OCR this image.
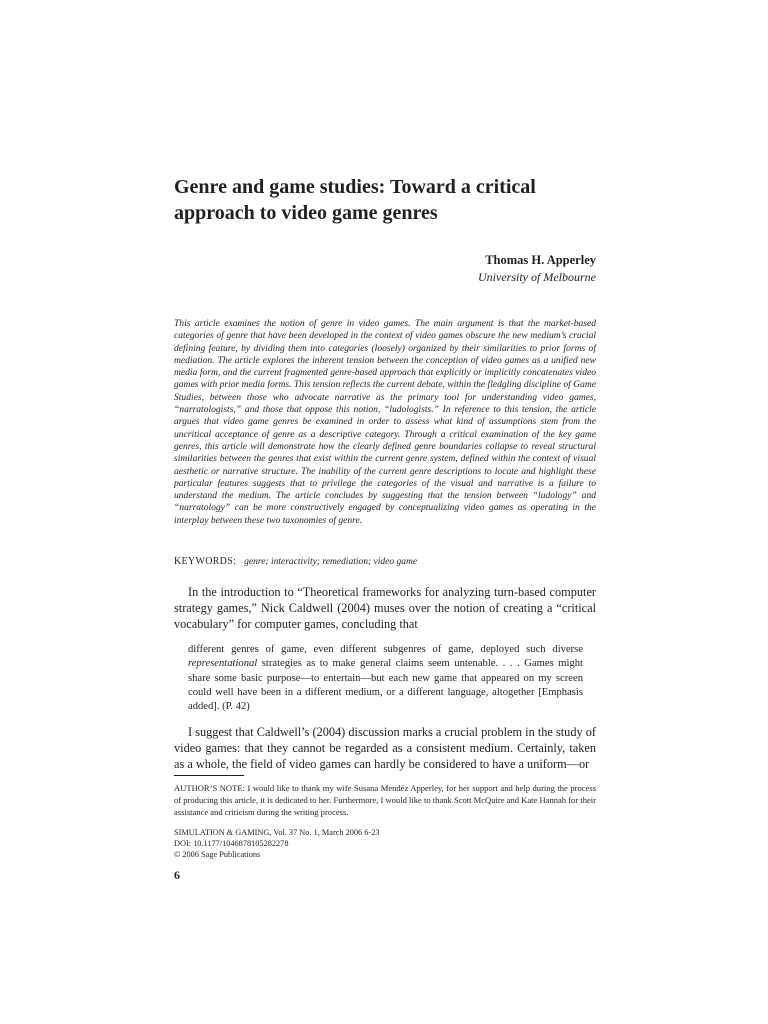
Genre and game studies: Toward a critical approach to video game genres

Thomas H. Apperley

University of Melbourne

This article examines the notion of genre in video games. The main argument is that the market-based categories of genre that have been developed in the context of video games obscure the new medium’s crucial defining feature, by dividing them into categories (loosely) organized by their similarities to prior forms of mediation. The article explores the inherent tension between the conception of video games as a unified new media form, and the current fragmented genre-based approach that explicitly or implicitly concatenates video games with prior media forms. This tension reflects the current debate, within the fledgling discipline of Game Studies, between those who advocate narrative as the primary tool for understanding video games, “narratologists,” and those that oppose this notion, “ludologists.” In reference to this tension, the article argues that video game genres be examined in order to assess what kind of assumptions stem from the uncritical acceptance of genre as a descriptive category. Through a critical examination of the key game genres, this article will demonstrate how the clearly defined genre boundaries collapse to reveal structural similarities between the genres that exist within the current genre system, defined within the context of visual aesthetic or narrative structure. The inability of the current genre descriptions to locate and highlight these particular features suggests that to privilege the categories of the visual and narrative is a failure to understand the medium. The article concludes by suggesting that the tension between “ludology” and “narratology” can be more constructively engaged by conceptualizing video games as operating in the interplay between these two taxonomies of genre.

KEYWORDS: genre; interactivity; remediation; video game

In the introduction to “Theoretical frameworks for analyzing turn-based computer strategy games,” Nick Caldwell (2004) muses over the notion of creating a “critical vocabulary” for computer games, concluding that

different genres of game, even different subgenres of game, deployed such diverse representational strategies as to make general claims seem untenable. . . . Games might share some basic purpose—to entertain—but each new game that appeared on my screen could well have been in a different medium, or a different language, altogether [Emphasis added]. (P. 42)

I suggest that Caldwell’s (2004) discussion marks a crucial problem in the study of video games: that they cannot be regarded as a consistent medium. Certainly, taken as a whole, the field of video games can hardly be considered to have a uniform—or

AUTHOR’S NOTE: I would like to thank my wife Susana Mendéz Apperley, for her support and help during the process of producing this article, it is dedicated to her. Furthermore, I would like to thank Scott McQuire and Kate Hannah for their assistance and criticism during the writing process.

SIMULATION & GAMING, Vol. 37 No. 1, March 2006 6-23
DOI: 10.1177/1046878105282278
© 2006 Sage Publications

6
